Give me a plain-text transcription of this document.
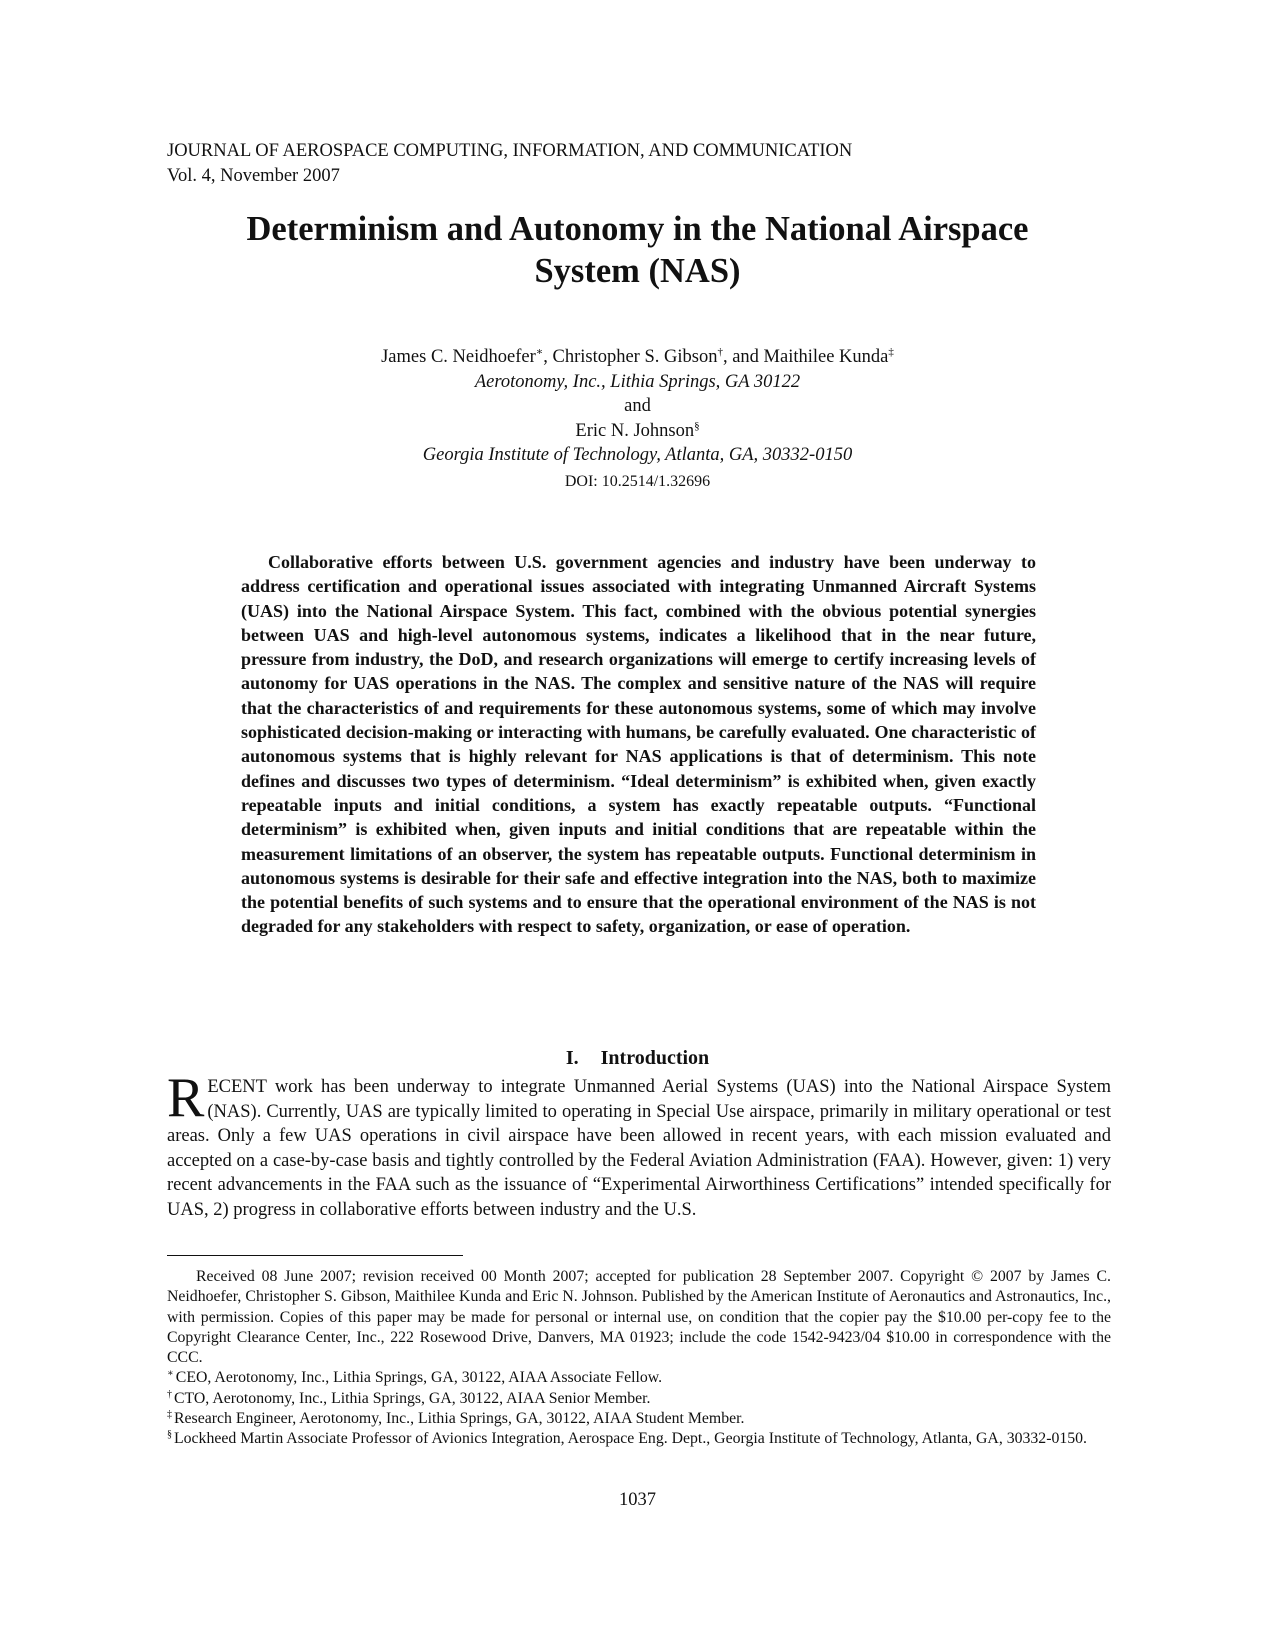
JOURNAL OF AEROSPACE COMPUTING, INFORMATION, AND COMMUNICATION
Vol. 4, November 2007
Determinism and Autonomy in the National Airspace
System (NAS)
James C. Neidhoefer∗, Christopher S. Gibson†, and Maithilee Kunda‡
Aerotonomy, Inc., Lithia Springs, GA 30122
and
Eric N. Johnson§
Georgia Institute of Technology, Atlanta, GA, 30332-0150
DOI: 10.2514/1.32696
Collaborative efforts between U.S. government agencies and industry have been underway to address certification and operational issues associated with integrating Unmanned Aircraft Systems (UAS) into the National Airspace System. This fact, combined with the obvious potential synergies between UAS and high-level autonomous systems, indicates a likelihood that in the near future, pressure from industry, the DoD, and research organizations will emerge to certify increasing levels of autonomy for UAS operations in the NAS. The complex and sensitive nature of the NAS will require that the characteristics of and requirements for these autonomous systems, some of which may involve sophisticated decision-making or interacting with humans, be carefully evaluated. One characteristic of autonomous systems that is highly relevant for NAS applications is that of determinism. This note defines and discusses two types of determinism. “Ideal determinism” is exhibited when, given exactly repeatable inputs and initial conditions, a system has exactly repeatable outputs. “Functional determinism” is exhibited when, given inputs and initial conditions that are repeatable within the measurement limitations of an observer, the system has repeatable outputs. Functional determinism in autonomous systems is desirable for their safe and effective integration into the NAS, both to maximize the potential benefits of such systems and to ensure that the operational environment of the NAS is not degraded for any stakeholders with respect to safety, organization, or ease of operation.
I. Introduction
RECENT work has been underway to integrate Unmanned Aerial Systems (UAS) into the National Airspace System (NAS). Currently, UAS are typically limited to operating in Special Use airspace, primarily in military operational or test areas. Only a few UAS operations in civil airspace have been allowed in recent years, with each mission evaluated and accepted on a case-by-case basis and tightly controlled by the Federal Aviation Administration (FAA). However, given: 1) very recent advancements in the FAA such as the issuance of “Experimental Airworthiness Certifications” intended specifically for UAS, 2) progress in collaborative efforts between industry and the U.S.

Received 08 June 2007; revision received 00 Month 2007; accepted for publication 28 September 2007. Copyright © 2007 by James C. Neidhoefer, Christopher S. Gibson, Maithilee Kunda and Eric N. Johnson. Published by the American Institute of Aeronautics and Astronautics, Inc., with permission. Copies of this paper may be made for personal or internal use, on condition that the copier pay the $10.00 per-copy fee to the Copyright Clearance Center, Inc., 222 Rosewood Drive, Danvers, MA 01923; include the code 1542-9423/04 $10.00 in correspondence with the CCC.

∗ CEO, Aerotonomy, Inc., Lithia Springs, GA, 30122, AIAA Associate Fellow.

† CTO, Aerotonomy, Inc., Lithia Springs, GA, 30122, AIAA Senior Member.

‡ Research Engineer, Aerotonomy, Inc., Lithia Springs, GA, 30122, AIAA Student Member.

§ Lockheed Martin Associate Professor of Avionics Integration, Aerospace Eng. Dept., Georgia Institute of Technology, Atlanta, GA, 30332-0150.

1037
